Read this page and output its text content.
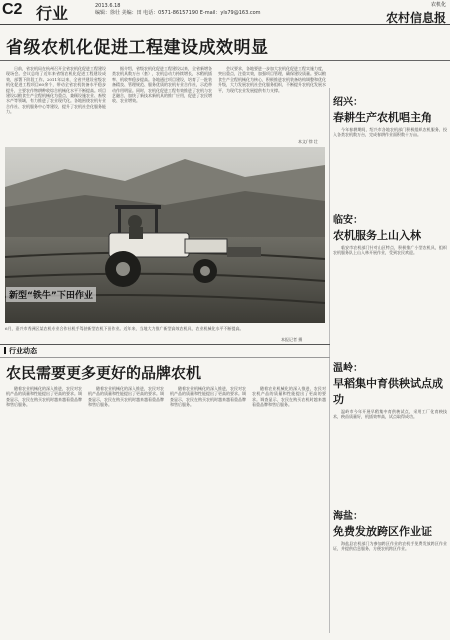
C2 行业	2013.6.18
编辑：徐壮 美编：田 电话：0571-86157190 E-mail：yls79@163.com
农机化
农村信息报
省级农机化促进工程建设成效明显

日前，省农机局在杭州召开全省农机化促进工程建设现场会。会议总结了近年来省级农机化促进工程建设成效，部署下阶段工作。2011年以来，全省共建设省级农机化促进工程项目60余个，带动全省农机装备水平稳步提升，主要农作物耕种收综合机械化水平不断提高。项目建设以粮食生产全程机械化为重点，兼顾设施农业、畜牧水产等领域，有力推进了农业现代化。各地围绕农机专业合作社、农机服务中心等建设，提升了农机社会化服务能力。

据介绍，省级农机化促进工程建设以来，全省新增各类农机具数万台（套），农机总动力持续增长，水稻机插率、机收率稳步提高。各地通过项目建设，培育了一批装备精良、管理规范、服务优质的农机专业合作社，示范带动作用明显。同时，农机化促进工程有效推进了农机与农艺融合，加快了新技术新机具的推广应用，促进了农民增收、农业增效。

会议要求，各地要进一步加大农机化促进工程实施力度，突出重点，注重实效，加强项目管理，确保建设质量。要以粮食生产全程机械化为核心，积极推进农机装备结构调整和优化升级，大力发展农机社会化服务组织，不断提升农机化发展水平，为现代农业发展提供有力支撑。

本文/ 徐 壮
新型“铁牛”下田作业
6月，嘉兴市秀洲区某农机专业合作社机手驾驶新型农机下田作业。近年来，当地大力推广新型高效农机具，农业机械化水平不断提高。
本报记者 摄
绍兴：
春耕生产农机唱主角
今年春耕期间，绍兴市各地农机部门积极组织农机服务，投入各类农机数万台，完成春耕作业面积数十万亩。
临安：
农机服务上山入林
临安市农机部门针对山区特点，积极推广小型农机具，组织农机服务队上山入林开展作业，受到农民欢迎。
温岭：
早稻集中育供秧试点成功
温岭市今年开展早稻集中育供秧试点，采用工厂化育秧技术，秧苗质量好，机插效率高，试点取得成功。
海盐：
免费发放跨区作业证
海盐县农机部门为参加跨区作业的农机手免费发放跨区作业证，并提供信息服务，方便农机跨区作业。
行业动态
农民需要更多更好的品牌农机

随着农业机械化的深入推进，农民对农机产品的质量和性能提出了更高的要求。调查显示，农民在购买农机时越来越看重品牌和售后服务。

随着农业机械化的深入推进，农民对农机产品的质量和性能提出了更高的要求。调查显示，农民在购买农机时越来越看重品牌和售后服务。

随着农业机械化的深入推进，农民对农机产品的质量和性能提出了更高的要求。调查显示，农民在购买农机时越来越看重品牌和售后服务。

随着农业机械化的深入推进，农民对农机产品的质量和性能提出了更高的要求。调查显示，农民在购买农机时越来越看重品牌和售后服务。
